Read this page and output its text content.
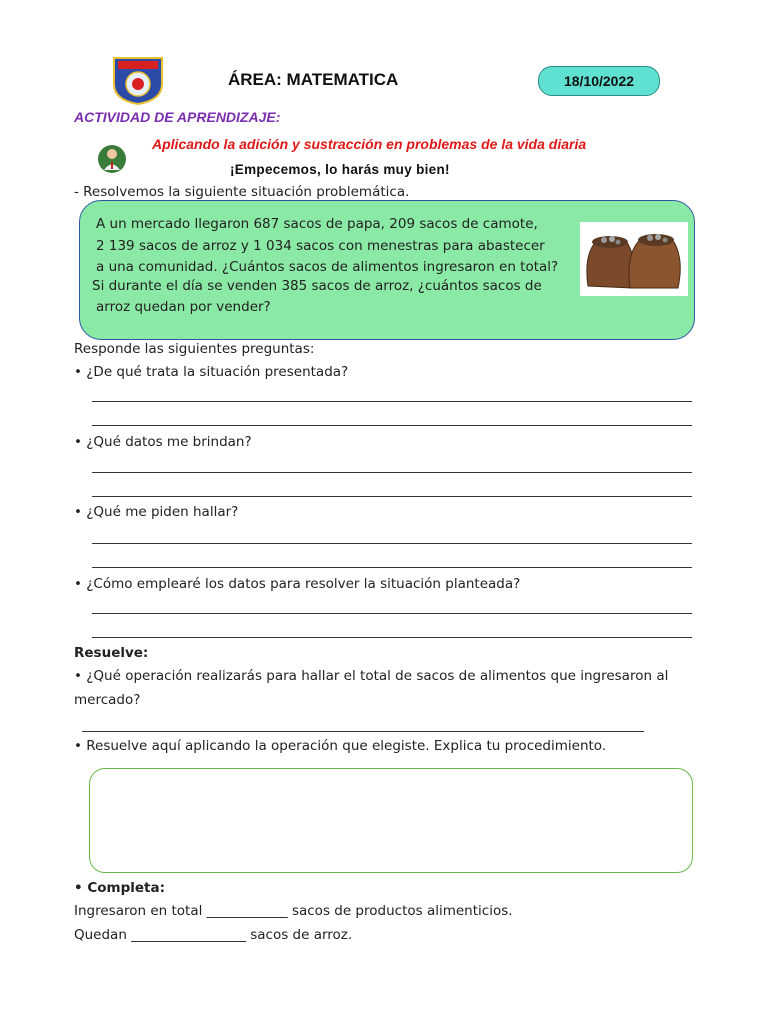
ÁREA: MATEMATICA	18/10/2022
ACTIVIDAD DE APRENDIZAJE:
Aplicando la adición y sustracción en problemas de la vida diaria
¡Empecemos, lo harás muy bien!
- Resolvemos la siguiente situación problemática.
A un mercado llegaron 687 sacos de papa, 209 sacos de camote,
2 139 sacos de arroz y 1 034 sacos con menestras para abastecer
a una comunidad. ¿Cuántos sacos de alimentos ingresaron en total?
Si durante el día se venden 385 sacos de arroz, ¿cuántos sacos de
arroz quedan por vender?
Responde las siguientes preguntas:
• ¿De qué trata la situación presentada?
• ¿Qué datos me brindan?
• ¿Qué me piden hallar?
• ¿Cómo emplearé los datos para resolver la situación planteada?
Resuelve:
• ¿Qué operación realizarás para hallar el total de sacos de alimentos que ingresaron al
mercado?
• Resuelve aquí aplicando la operación que elegiste. Explica tu procedimiento.
• Completa:
Ingresaron en total ____________ sacos de productos alimenticios.
Quedan _________________ sacos de arroz.
